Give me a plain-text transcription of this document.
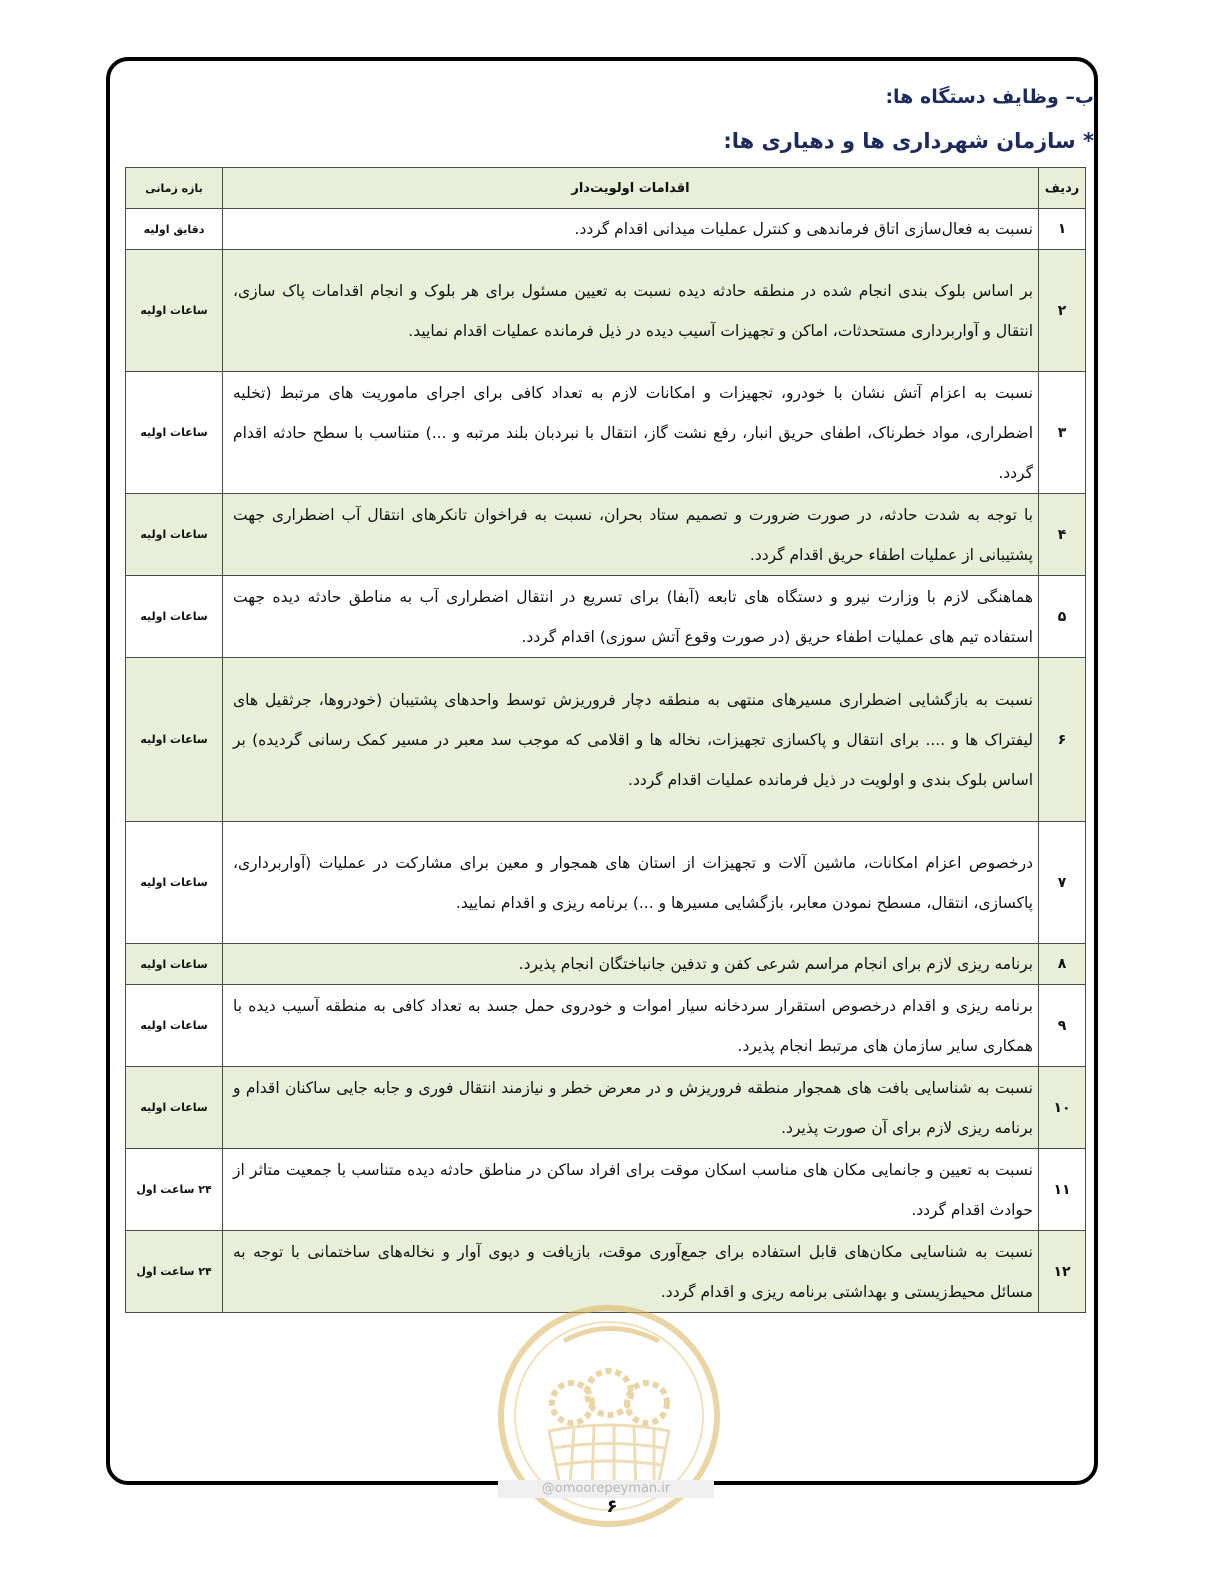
ب– وظایف دستگاه ها:
* سازمان شهرداری ها و دهیاری ها:
ردیف	اقدامات اولویت‌دار	بازه زمانی
۱	نسبت به فعال‌سازی اتاق فرماندهی و کنترل عملیات میدانی اقدام گردد.	دقایق اولیه
۲	بر اساس بلوک بندی انجام شده در منطقه حادثه دیده نسبت به تعیین مسئول برای هر بلوک و انجام اقدامات پاک سازی، انتقال و آواربرداری مستحدثات، اماکن و تجهیزات آسیب دیده در ذیل فرمانده عملیات اقدام نمایید.	ساعات اولیه
۳	نسبت به اعزام آتش نشان با خودرو، تجهیزات و امکانات لازم به تعداد کافی برای اجرای ماموریت های مرتبط (تخلیه اضطراری، مواد خطرناک، اطفای حریق انبار، رفع نشت گاز، انتقال با نبردبان بلند مرتبه و ...) متناسب با سطح حادثه اقدام گردد.	ساعات اولیه
۴	با توجه به شدت حادثه، در صورت ضرورت و تصمیم ستاد بحران، نسبت به فراخوان تانکرهای انتقال آب اضطراری جهت پشتیبانی از عملیات اطفاء حریق اقدام گردد.	ساعات اولیه
۵	هماهنگی لازم با وزارت نیرو و دستگاه های تابعه (آبفا) برای تسریع در انتقال اضطراری آب به مناطق حادثه دیده جهت استفاده تیم های عملیات اطفاء حریق (در صورت وقوع آتش سوزی) اقدام گردد.	ساعات اولیه
۶	نسبت به بازگشایی اضطراری مسیرهای منتهی به منطقه دچار فروریزش توسط واحدهای پشتیبان (خودروها، جرثقیل های لیفتراک ها و .... برای انتقال و پاکسازی تجهیزات، نخاله ها و اقلامی که موجب سد معبر در مسیر کمک رسانی گردیده) بر اساس بلوک بندی و اولویت در ذیل فرمانده عملیات اقدام گردد.	ساعات اولیه
۷	درخصوص اعزام امکانات، ماشین آلات و تجهیزات از استان های همجوار و معین برای مشارکت در عملیات (آواربرداری، پاکسازی، انتقال، مسطح نمودن معابر، بازگشایی مسیرها و ...) برنامه ریزی و اقدام نمایید.	ساعات اولیه
۸	برنامه ریزی لازم برای انجام مراسم شرعی کفن و تدفین جانباختگان انجام پذیرد.	ساعات اولیه
۹	برنامه ریزی و اقدام درخصوص استقرار سردخانه سیار اموات و خودروی حمل جسد به تعداد کافی به منطقه آسیب دیده با همکاری سایر سازمان های مرتبط انجام پذیرد.	ساعات اولیه
۱۰	نسبت به شناسایی بافت های همجوار منطقه فروریزش و در معرض خطر و نیازمند انتقال فوری و جابه جایی ساکنان اقدام و برنامه ریزی لازم برای آن صورت پذیرد.	ساعات اولیه
۱۱	نسبت به تعیین و جانمایی مکان های مناسب اسکان موقت برای افراد ساکن در مناطق حادثه دیده متناسب با جمعیت متاثر از حوادث اقدام گردد.	۲۴ ساعت اول
۱۲	نسبت به شناسایی مکان‌های قابل استفاده برای جمع‌آوری موقت، بازیافت و دپوی آوار و نخاله‌های ساختمانی با توجه به مسائل محیط‌زیستی و بهداشتی برنامه ریزی و اقدام گردد.	۲۴ ساعت اول
@omoorepeyman.ir
۶
